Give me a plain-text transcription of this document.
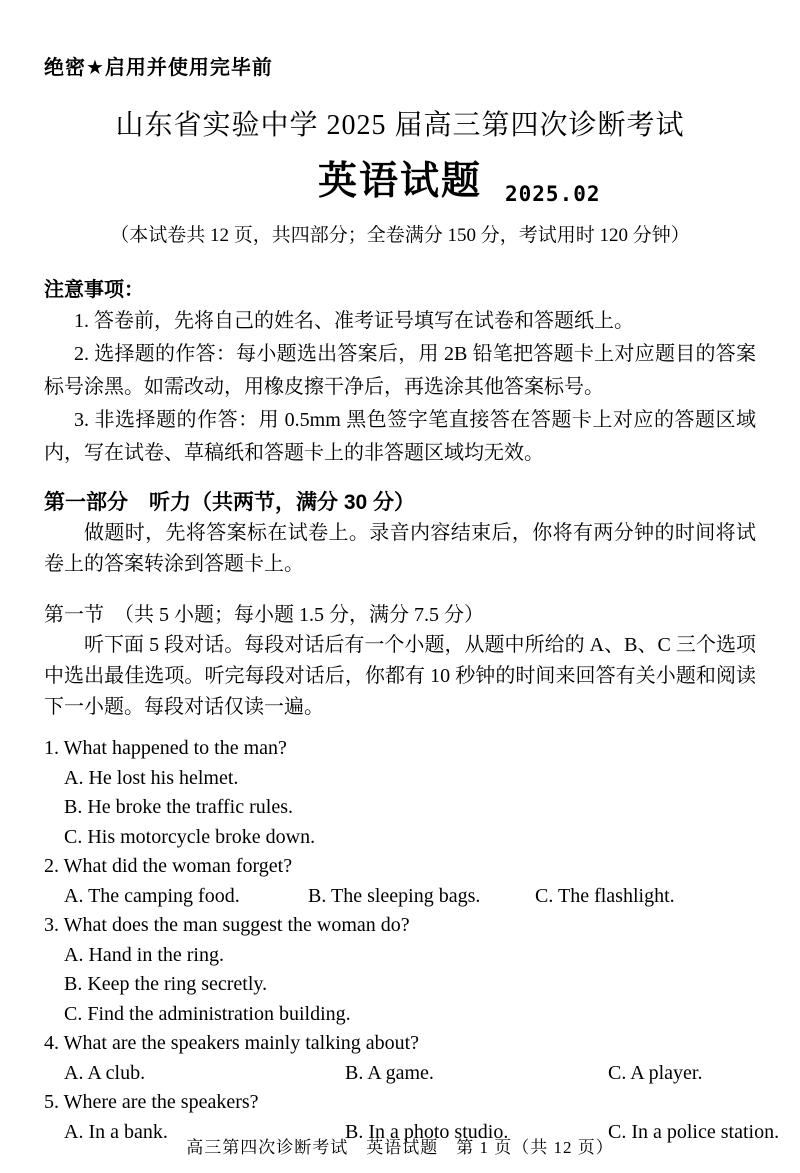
绝密★启用并使用完毕前
山东省实验中学 2025 届高三第四次诊断考试
英语试题 2025.02
（本试卷共 12 页，共四部分；全卷满分 150 分，考试用时 120 分钟）
注意事项：
1. 答卷前，先将自己的姓名、准考证号填写在试卷和答题纸上。
2. 选择题的作答：每小题选出答案后，用 2B 铅笔把答题卡上对应题目的答案标号涂黑。如需改动，用橡皮擦干净后，再选涂其他答案标号。
3. 非选择题的作答：用 0.5mm 黑色签字笔直接答在答题卡上对应的答题区域内，写在试卷、草稿纸和答题卡上的非答题区域均无效。
第一部分　听力（共两节，满分 30 分）
做题时，先将答案标在试卷上。录音内容结束后，你将有两分钟的时间将试卷上的答案转涂到答题卡上。
第一节　（共 5 小题；每小题 1.5 分，满分 7.5 分）
听下面 5 段对话。每段对话后有一个小题，从题中所给的 A、B、C 三个选项中选出最佳选项。听完每段对话后，你都有 10 秒钟的时间来回答有关小题和阅读下一小题。每段对话仅读一遍。
1. What happened to the man?
A. He lost his helmet.
B. He broke the traffic rules.
C. His motorcycle broke down.
2. What did the woman forget?
A. The camping food.	B. The sleeping bags.	C. The flashlight.
3. What does the man suggest the woman do?
A. Hand in the ring.
B. Keep the ring secretly.
C. Find the administration building.
4. What are the speakers mainly talking about?
A. A club.	B. A game.	C. A player.
5. Where are the speakers?
A. In a bank.	B. In a photo studio.	C. In a police station.
高三第四次诊断考试　英语试题　第 1 页（共 12 页）
